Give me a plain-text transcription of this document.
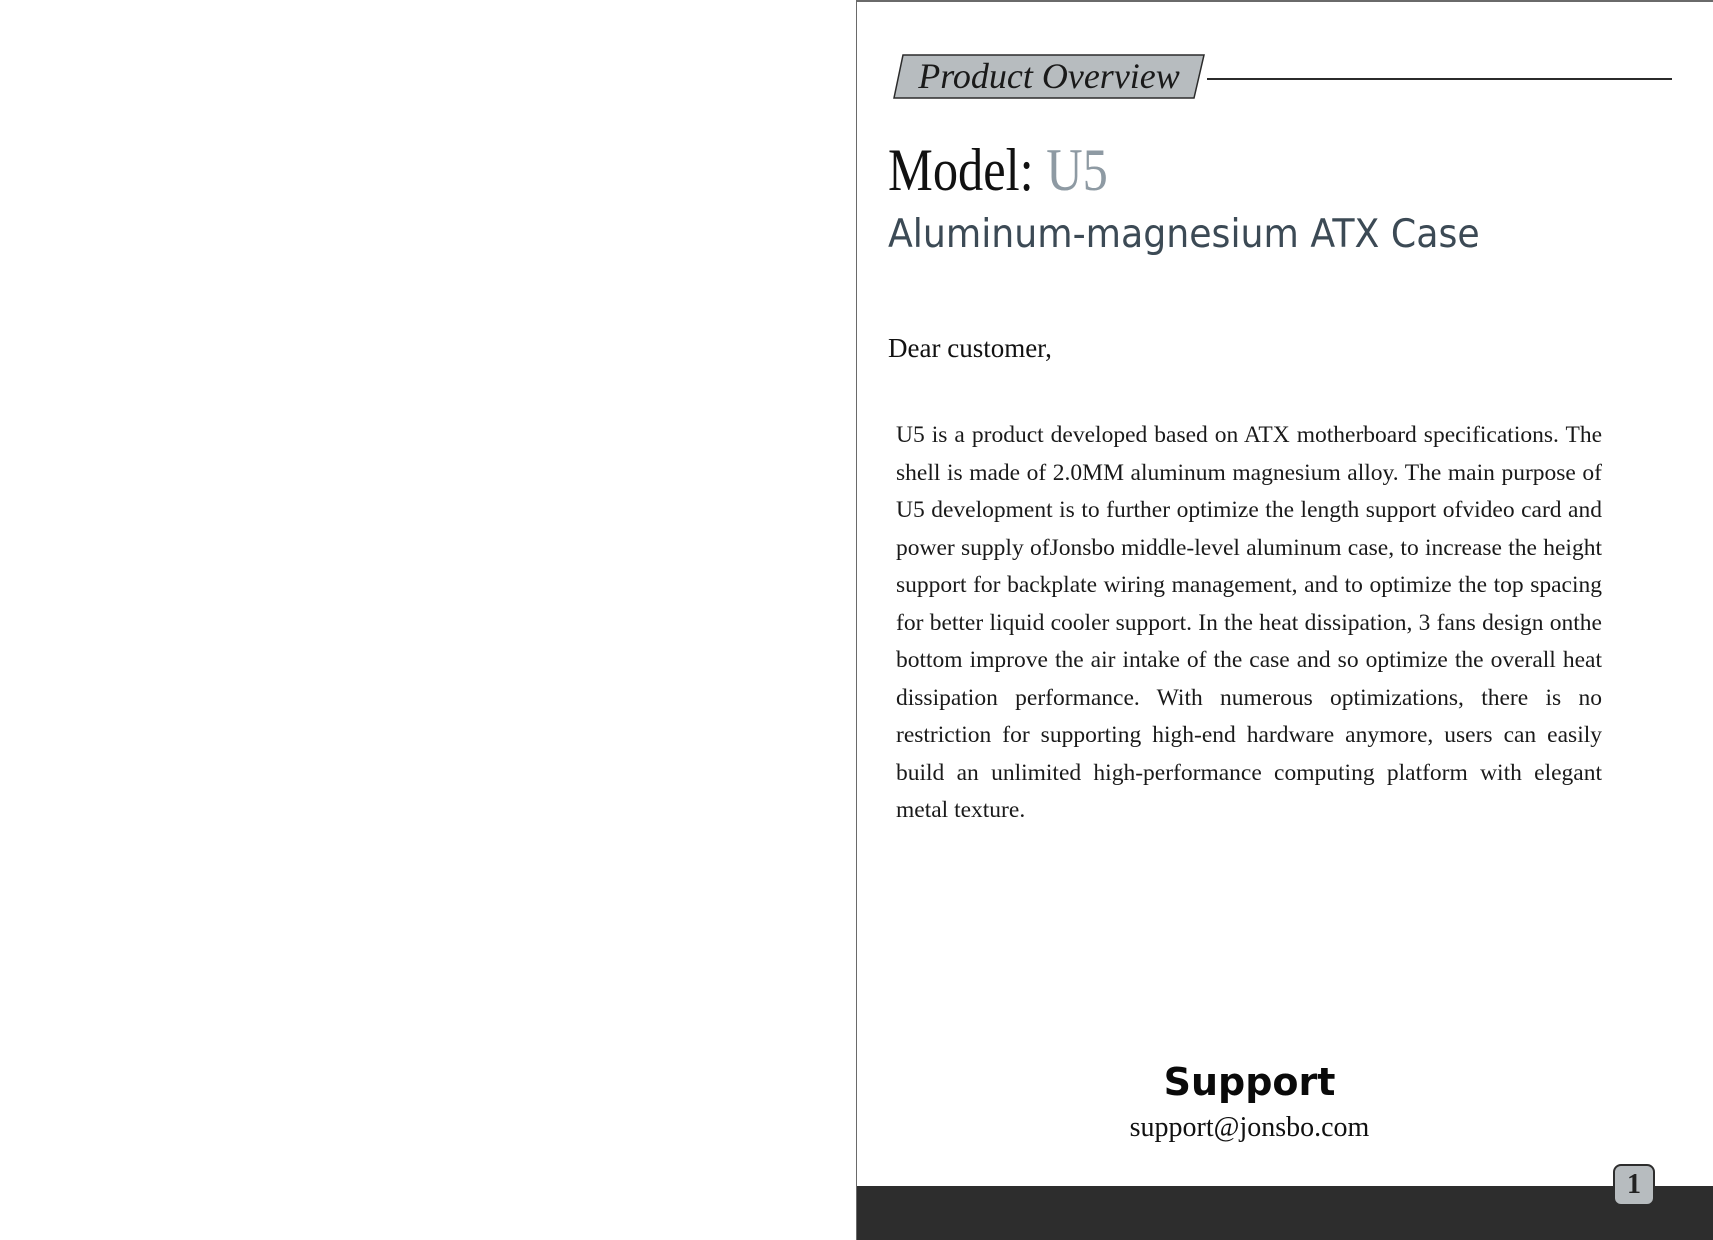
Product Overview
Model: U5
Aluminum-magnesium ATX Case
Dear customer,

U5 is a product developed based on ATX motherboard specifications. The shell is made of 2.0MM aluminum magnesium alloy. The main purpose of U5 development is to further optimize the length support ofvideo card and power supply ofJonsbo middle-level aluminum case, to increase the height support for backplate wiring management, and to optimize the top spacing for better liquid cooler support. In the heat dissipation, 3 fans design onthe bottom improve the air intake of the case and so optimize the overall heat dissipation performance. With numerous optimizations, there is no restriction for supporting high-end hardware anymore, users can easily build an unlimited high-performance computing platform with elegant metal texture.

Support
support@jonsbo.com
1
